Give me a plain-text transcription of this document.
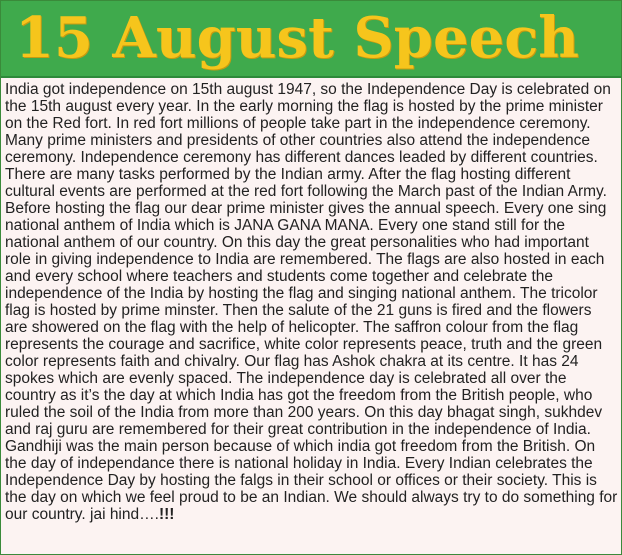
15 August Speech

India got independence on 15th august 1947, so the Independence Day is celebrated on the 15th august every year. In the early morning the flag is hosted by the prime minister on the Red fort. In red fort millions of people take part in the independence ceremony. Many prime ministers and presidents of other countries also attend the independence ceremony. Independence ceremony has different dances leaded by different countries. There are many tasks performed by the Indian army. After the flag hosting different cultural events are performed at the red fort following the March past of the Indian Army. Before hosting the flag our dear prime minister gives the annual speech. Every one sing national anthem of India which is JANA GANA MANA. Every one stand still for the national anthem of our country. On this day the great personalities who had important role in giving independence to India are remembered. The flags are also hosted in each and every school where teachers and students come together and celebrate the independence of the India by hosting the flag and singing national anthem. The tricolor flag is hosted by prime minster. Then the salute of the 21 guns is fired and the flowers are showered on the flag with the help of helicopter. The saffron colour from the flag represents the courage and sacrifice, white color represents peace, truth and the green color represents faith and chivalry. Our flag has Ashok chakra at its centre. It has 24 spokes which are evenly spaced. The independence day is celebrated all over the country as it’s the day at which India has got the freedom from the British people, who ruled the soil of the India from more than 200 years. On this day bhagat singh, sukhdev and raj guru are remembered for their great contribution in the independence of India. Gandhiji was the main person because of which india got freedom from the British. On the day of independance there is national holiday in India. Every Indian celebrates the Independence Day by hosting the falgs in their school or offices or their society. This is the day on which we feel proud to be an Indian. We should always try to do something for our country. jai hind….!!!
